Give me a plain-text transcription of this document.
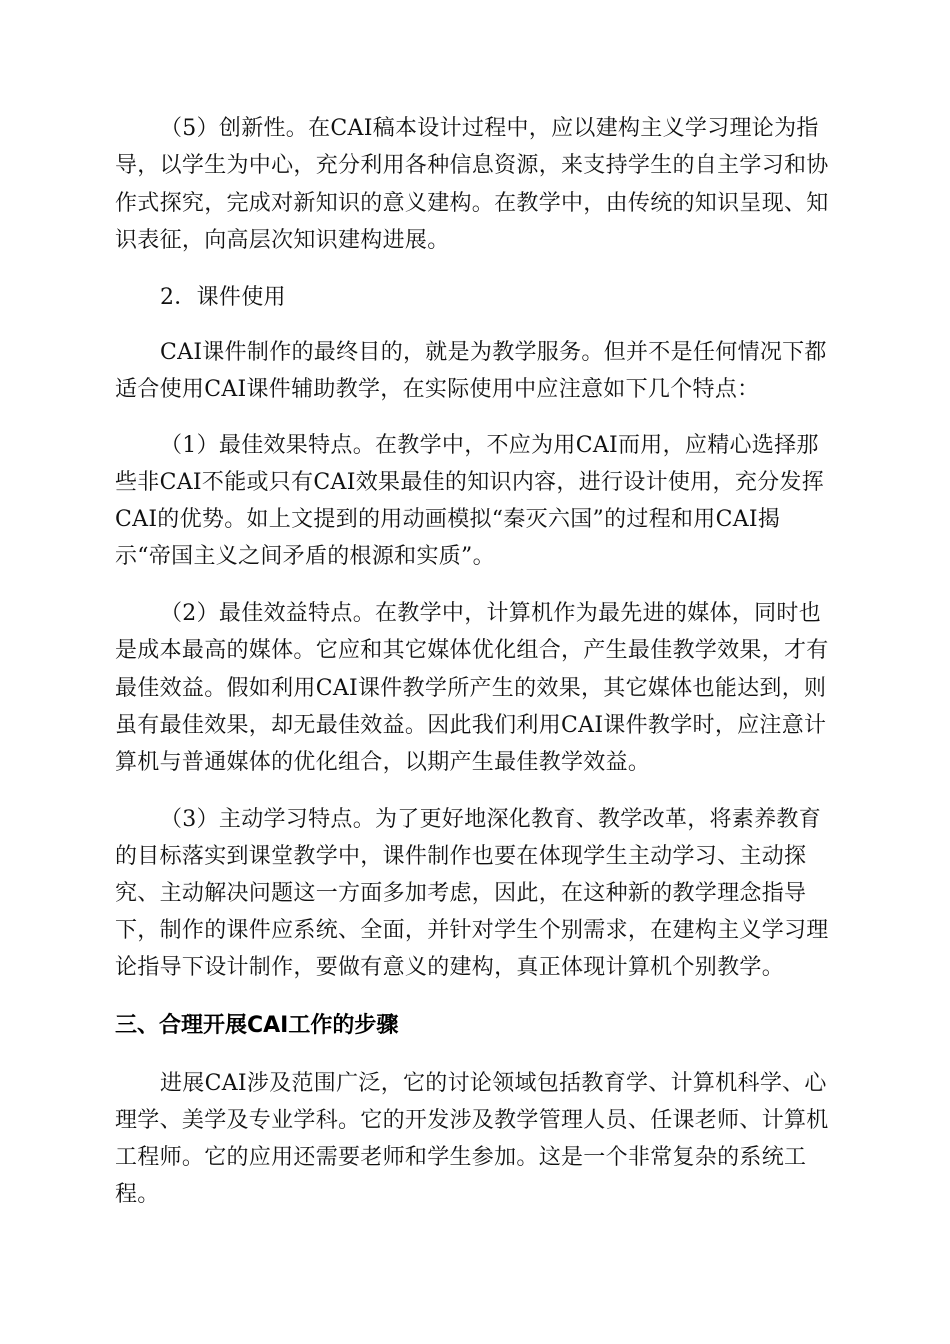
（5）创新性。在CAI稿本设计过程中，应以建构主义学习理论为指
导，以学生为中心，充分利用各种信息资源，来支持学生的自主学习和协
作式探究，完成对新知识的意义建构。在教学中，由传统的知识呈现、知
识表征，向高层次知识建构进展。
2．课件使用
CAI课件制作的最终目的，就是为教学服务。但并不是任何情况下都
适合使用CAI课件辅助教学，在实际使用中应注意如下几个特点：
（1）最佳效果特点。在教学中，不应为用CAI而用，应精心选择那
些非CAI不能或只有CAI效果最佳的知识内容，进行设计使用，充分发挥
CAI的优势。如上文提到的用动画模拟“秦灭六国”的过程和用CAI揭
示“帝国主义之间矛盾的根源和实质”。
（2）最佳效益特点。在教学中，计算机作为最先进的媒体，同时也
是成本最高的媒体。它应和其它媒体优化组合，产生最佳教学效果，才有
最佳效益。假如利用CAI课件教学所产生的效果，其它媒体也能达到，则
虽有最佳效果，却无最佳效益。因此我们利用CAI课件教学时，应注意计
算机与普通媒体的优化组合，以期产生最佳教学效益。
（3）主动学习特点。为了更好地深化教育、教学改革，将素养教育
的目标落实到课堂教学中，课件制作也要在体现学生主动学习、主动探
究、主动解决问题这一方面多加考虑，因此，在这种新的教学理念指导
下，制作的课件应系统、全面，并针对学生个别需求，在建构主义学习理
论指导下设计制作，要做有意义的建构，真正体现计算机个别教学。
三、合理开展CAI工作的步骤
进展CAI涉及范围广泛，它的讨论领域包括教育学、计算机科学、心
理学、美学及专业学科。它的开发涉及教学管理人员、任课老师、计算机
工程师。它的应用还需要老师和学生参加。这是一个非常复杂的系统工
程。
